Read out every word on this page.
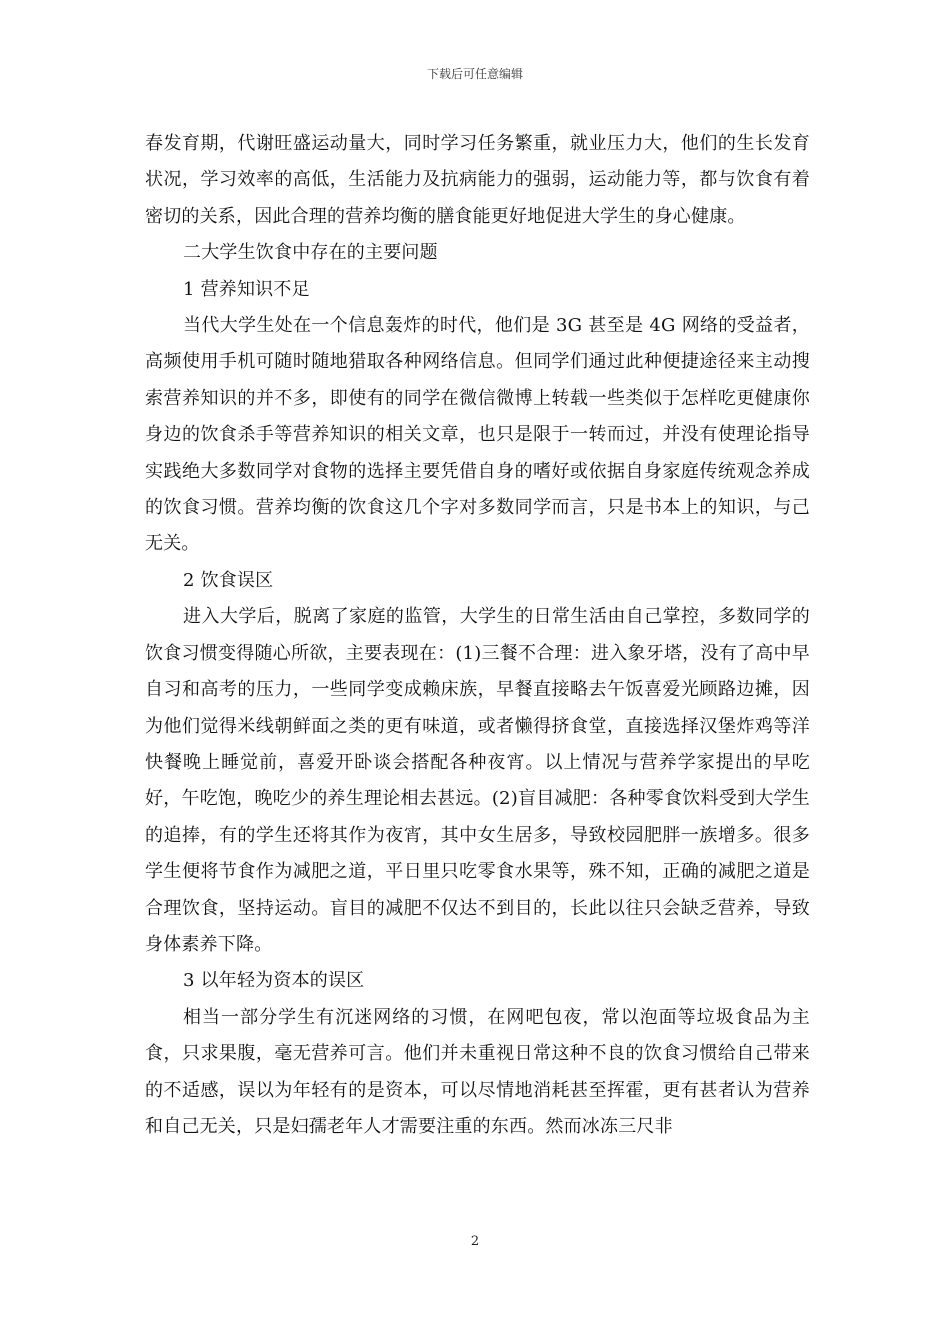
下载后可任意编辑

春发育期，代谢旺盛运动量大，同时学习任务繁重，就业压力大，他们的生长发育状况，学习效率的高低，生活能力及抗病能力的强弱，运动能力等，都与饮食有着密切的关系，因此合理的营养均衡的膳食能更好地促进大学生的身心健康。

二大学生饮食中存在的主要问题

1 营养知识不足

当代大学生处在一个信息轰炸的时代，他们是 3G 甚至是 4G 网络的受益者，高频使用手机可随时随地猎取各种网络信息。但同学们通过此种便捷途径来主动搜索营养知识的并不多，即使有的同学在微信微博上转载一些类似于怎样吃更健康你身边的饮食杀手等营养知识的相关文章，也只是限于一转而过，并没有使理论指导实践绝大多数同学对食物的选择主要凭借自身的嗜好或依据自身家庭传统观念养成的饮食习惯。营养均衡的饮食这几个字对多数同学而言，只是书本上的知识，与己无关。

2 饮食误区

进入大学后，脱离了家庭的监管，大学生的日常生活由自己掌控，多数同学的饮食习惯变得随心所欲，主要表现在：(1)三餐不合理：进入象牙塔，没有了高中早自习和高考的压力，一些同学变成赖床族，早餐直接略去午饭喜爱光顾路边摊，因为他们觉得米线朝鲜面之类的更有味道，或者懒得挤食堂，直接选择汉堡炸鸡等洋快餐晚上睡觉前，喜爱开卧谈会搭配各种夜宵。以上情况与营养学家提出的早吃好，午吃饱，晚吃少的养生理论相去甚远。(2)盲目减肥：各种零食饮料受到大学生的追捧，有的学生还将其作为夜宵，其中女生居多，导致校园肥胖一族增多。很多学生便将节食作为减肥之道，平日里只吃零食水果等，殊不知，正确的减肥之道是合理饮食，坚持运动。盲目的减肥不仅达不到目的，长此以往只会缺乏营养，导致身体素养下降。

3 以年轻为资本的误区

相当一部分学生有沉迷网络的习惯，在网吧包夜，常以泡面等垃圾食品为主食，只求果腹，毫无营养可言。他们并未重视日常这种不良的饮食习惯给自己带来的不适感，误以为年轻有的是资本，可以尽情地消耗甚至挥霍，更有甚者认为营养和自己无关，只是妇孺老年人才需要注重的东西。然而冰冻三尺非

2
